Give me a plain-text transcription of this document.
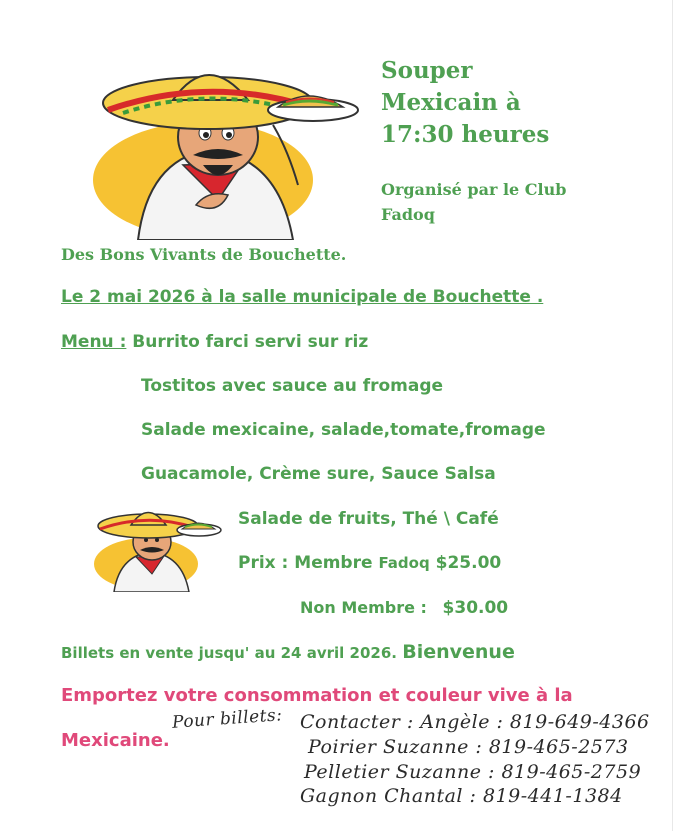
Souper
Mexicain à
17:30 heures
Organisé par le Club
Fadoq
Des Bons Vivants de Bouchette.
Le 2 mai 2026 à la salle municipale de Bouchette .
Menu : Burrito farci servi sur riz
Tostitos avec sauce au fromage
Salade mexicaine, salade,tomate,fromage
Guacamole, Crème sure, Sauce Salsa
Salade de fruits, Thé \ Café
Prix : Membre Fadoq $25.00
Non Membre : $30.00
Billets en vente jusqu' au 24 avril 2026. Bienvenue
Emportez votre consommation et couleur vive à la
Mexicaine.
Pour billets: Contacter : Angèle : 819-649-4366
Poirier Suzanne : 819-465-2573
Pelletier Suzanne : 819-465-2759
Gagnon Chantal : 819-441-1384
